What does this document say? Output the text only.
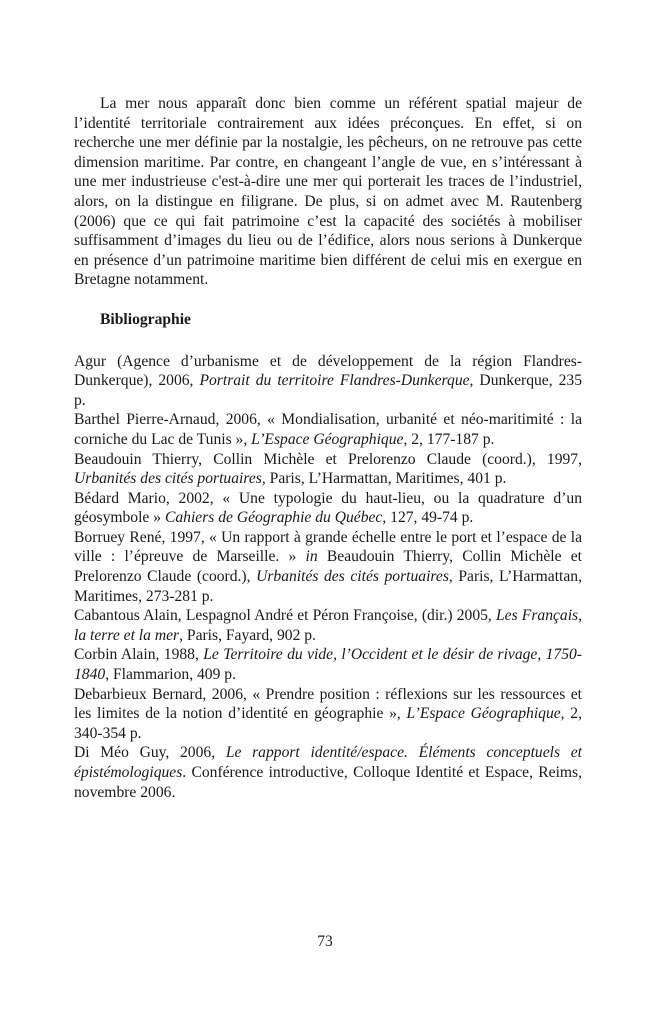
La mer nous apparaît donc bien comme un référent spatial majeur de l’identité territoriale contrairement aux idées préconçues. En effet, si on recherche une mer définie par la nostalgie, les pêcheurs, on ne retrouve pas cette dimension maritime. Par contre, en changeant l’angle de vue, en s’intéressant à une mer industrieuse c'est-à-dire une mer qui porterait les traces de l’industriel, alors, on la distingue en filigrane. De plus, si on admet avec M. Rautenberg (2006) que ce qui fait patrimoine c’est la capacité des sociétés à mobiliser suffisamment d’images du lieu ou de l’édifice, alors nous serions à Dunkerque en présence d’un patrimoine maritime bien différent de celui mis en exergue en Bretagne notamment.

Bibliographie
Agur (Agence d’urbanisme et de développement de la région Flandres-Dunkerque), 2006, Portrait du territoire Flandres-Dunkerque, Dunkerque, 235 p.
Barthel Pierre-Arnaud, 2006, « Mondialisation, urbanité et néo-maritimité : la corniche du Lac de Tunis », L’Espace Géographique, 2, 177-187 p.
Beaudouin Thierry, Collin Michèle et Prelorenzo Claude (coord.), 1997, Urbanités des cités portuaires, Paris, L’Harmattan, Maritimes, 401 p.
Bédard Mario, 2002, « Une typologie du haut-lieu, ou la quadrature d’un géosymbole » Cahiers de Géographie du Québec, 127, 49-74 p.
Borruey René, 1997, « Un rapport à grande échelle entre le port et l’espace de la ville : l’épreuve de Marseille. » in Beaudouin Thierry, Collin Michèle et Prelorenzo Claude (coord.), Urbanités des cités portuaires, Paris, L’Harmattan, Maritimes, 273-281 p.
Cabantous Alain, Lespagnol André et Péron Françoise, (dir.) 2005, Les Français, la terre et la mer, Paris, Fayard, 902 p.
Corbin Alain, 1988, Le Territoire du vide, l’Occident et le désir de rivage, 1750-1840, Flammarion, 409 p.
Debarbieux Bernard, 2006, « Prendre position : réflexions sur les ressources et les limites de la notion d’identité en géographie », L’Espace Géographique, 2, 340-354 p.
Di Méo Guy, 2006, Le rapport identité/espace. Éléments conceptuels et épistémologiques. Conférence introductive, Colloque Identité et Espace, Reims, novembre 2006.
73
